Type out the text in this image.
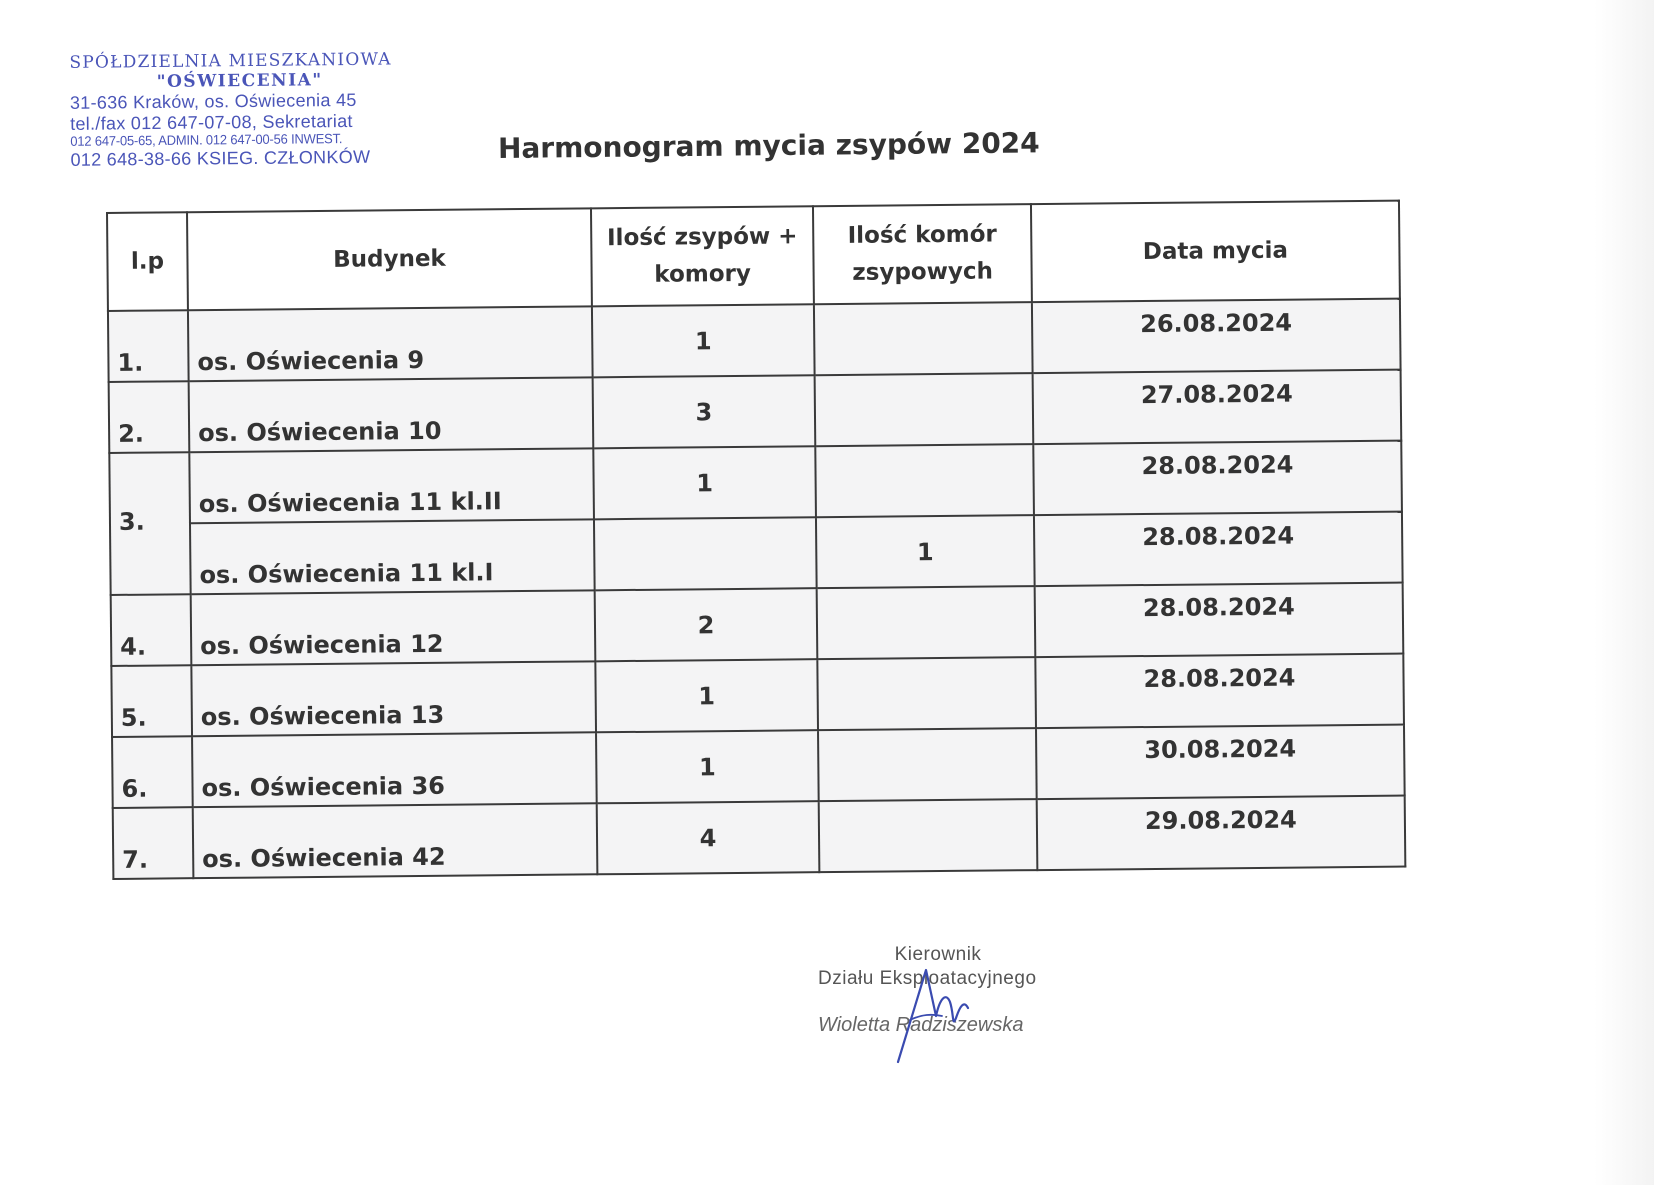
SPÓŁDZIELNIA MIESZKANIOWA
"OŚWIECENIA"
31-636 Kraków, os. Oświecenia 45
tel./fax 012 647-07-08, Sekretariat
012 647-05-65, ADMIN. 012 647-00-56 INWEST.
012 648-38-66 KSIEG. CZŁONKÓW	Harmonogram mycia zsypów 2024
l.p	Budynek	Ilość zsypów + komory	Ilość komór zsypowych	Data mycia
1.	os. Oświecenia 9	1		26.08.2024
2.	os. Oświecenia 10	3		27.08.2024
3.	os. Oświecenia 11 kl.II	1		28.08.2024
	os. Oświecenia 11 kl.I		1	28.08.2024
4.	os. Oświecenia 12	2		28.08.2024
5.	os. Oświecenia 13	1		28.08.2024
6.	os. Oświecenia 36	1		30.08.2024
7.	os. Oświecenia 42	4		29.08.2024
Kierownik
Działu Eksploatacyjnego
Wioletta Radziszewska
